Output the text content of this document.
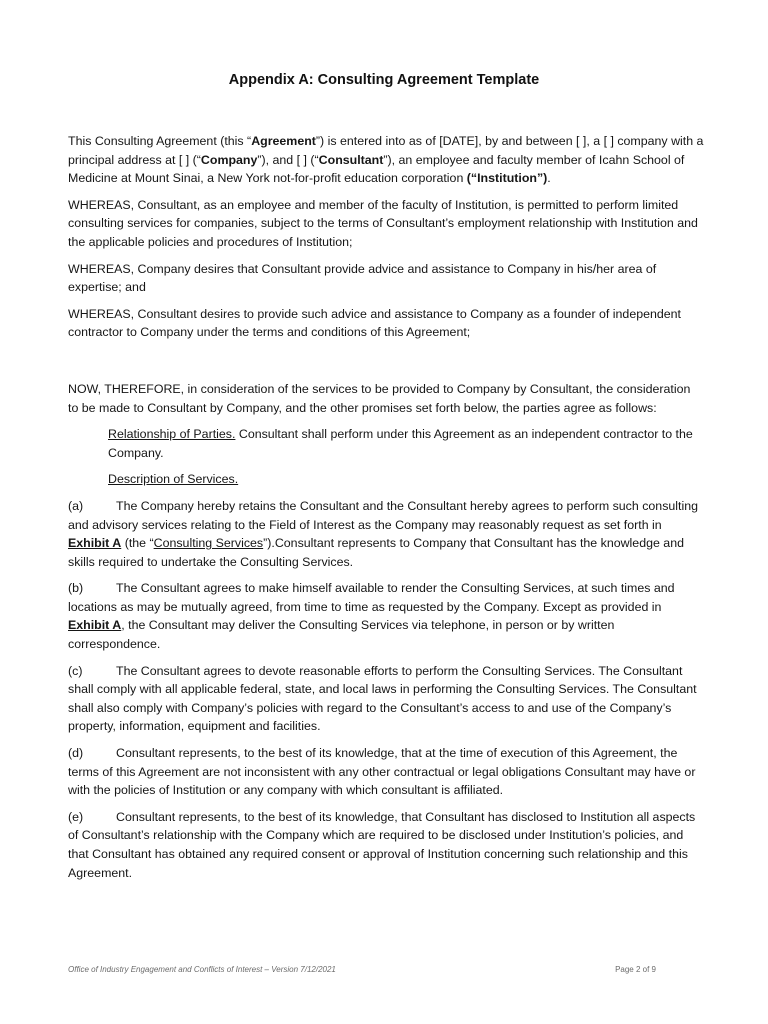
Appendix A: Consulting Agreement Template

This Consulting Agreement (this “Agreement”) is entered into as of [DATE], by and between [ ], a [ ] company with a principal address at [ ] (“Company”), and [ ] (“Consultant”), an employee and faculty member of Icahn School of Medicine at Mount Sinai, a New York not-for-profit education corporation (“Institution”).

WHEREAS, Consultant, as an employee and member of the faculty of Institution, is permitted to perform limited consulting services for companies, subject to the terms of Consultant’s employment relationship with Institution and the applicable policies and procedures of Institution;

WHEREAS, Company desires that Consultant provide advice and assistance to Company in his/her area of expertise; and

WHEREAS, Consultant desires to provide such advice and assistance to Company as a founder of independent contractor to Company under the terms and conditions of this Agreement;

NOW, THEREFORE, in consideration of the services to be provided to Company by Consultant, the consideration to be made to Consultant by Company, and the other promises set forth below, the parties agree as follows:

Relationship of Parties. Consultant shall perform under this Agreement as an independent contractor to the Company.

Description of Services.

(a)	The Company hereby retains the Consultant and the Consultant hereby agrees to perform such consulting and advisory services relating to the Field of Interest as the Company may reasonably request as set forth in Exhibit A (the “Consulting Services”).Consultant represents to Company that Consultant has the knowledge and skills required to undertake the Consulting Services.

(b)	The Consultant agrees to make himself available to render the Consulting Services, at such times and locations as may be mutually agreed, from time to time as requested by the Company. Except as provided in Exhibit A, the Consultant may deliver the Consulting Services via telephone, in person or by written correspondence.

(c)	The Consultant agrees to devote reasonable efforts to perform the Consulting Services. The Consultant shall comply with all applicable federal, state, and local laws in performing the Consulting Services. The Consultant shall also comply with Company’s policies with regard to the Consultant’s access to and use of the Company’s property, information, equipment and facilities.

(d)	Consultant represents, to the best of its knowledge, that at the time of execution of this Agreement, the terms of this Agreement are not inconsistent with any other contractual or legal obligations Consultant may have or with the policies of Institution or any company with which consultant is affiliated.

(e)	Consultant represents, to the best of its knowledge, that Consultant has disclosed to Institution all aspects of Consultant’s relationship with the Company which are required to be disclosed under Institution’s policies, and that Consultant has obtained any required consent or approval of Institution concerning such relationship and this Agreement.

Office of Industry Engagement and Conflicts of Interest – Version 7/12/2021	Page 2 of 9
